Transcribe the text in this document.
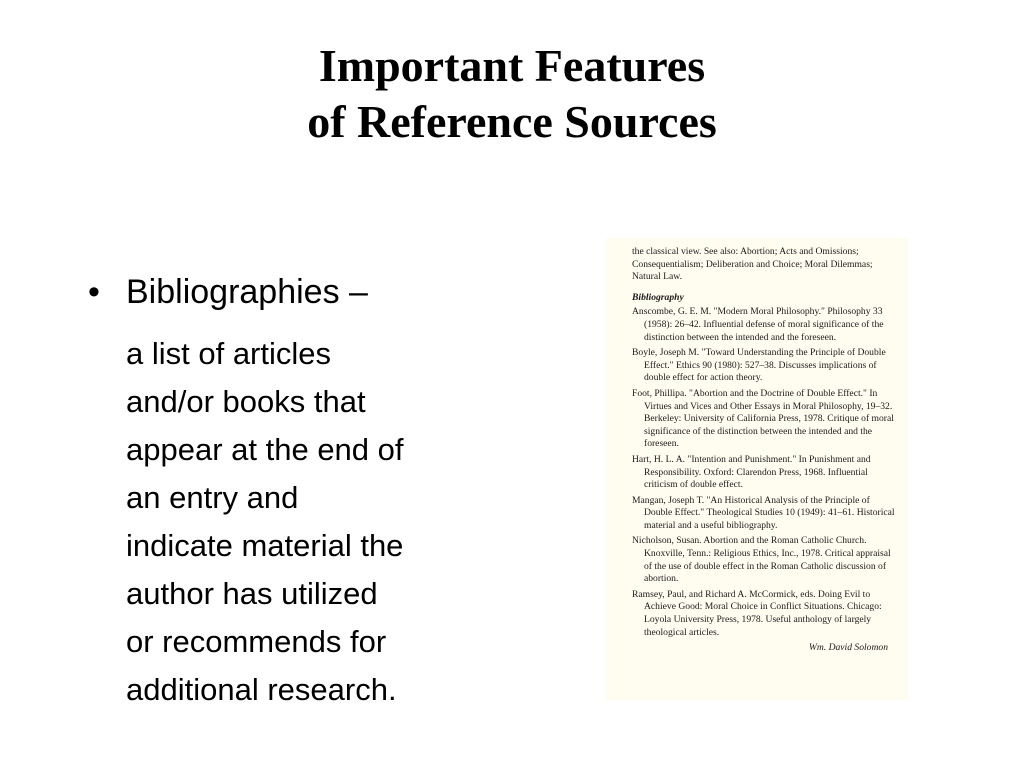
Important Features
of Reference Sources
• Bibliographies –
a list of articles
and/or books that
appear at the end of
an entry and
indicate material the
author has utilized
or recommends for
additional research.
the classical view. See also: Abortion; Acts and Omissions; Consequentialism; Deliberation and Choice; Moral Dilemmas; Natural Law.
Bibliography
Anscombe, G. E. M. "Modern Moral Philosophy." Philosophy 33 (1958): 26–42. Influential defense of moral significance of the distinction between the intended and the foreseen.
Boyle, Joseph M. "Toward Understanding the Principle of Double Effect." Ethics 90 (1980): 527–38. Discusses implications of double effect for action theory.
Foot, Phillipa. "Abortion and the Doctrine of Double Effect." In Virtues and Vices and Other Essays in Moral Philosophy, 19–32. Berkeley: University of California Press, 1978. Critique of moral significance of the distinction between the intended and the foreseen.
Hart, H. L. A. "Intention and Punishment." In Punishment and Responsibility. Oxford: Clarendon Press, 1968. Influential criticism of double effect.
Mangan, Joseph T. "An Historical Analysis of the Principle of Double Effect." Theological Studies 10 (1949): 41–61. Historical material and a useful bibliography.
Nicholson, Susan. Abortion and the Roman Catholic Church. Knoxville, Tenn.: Religious Ethics, Inc., 1978. Critical appraisal of the use of double effect in the Roman Catholic discussion of abortion.
Ramsey, Paul, and Richard A. McCormick, eds. Doing Evil to Achieve Good: Moral Choice in Conflict Situations. Chicago: Loyola University Press, 1978. Useful anthology of largely theological articles.
Wm. David Solomon
